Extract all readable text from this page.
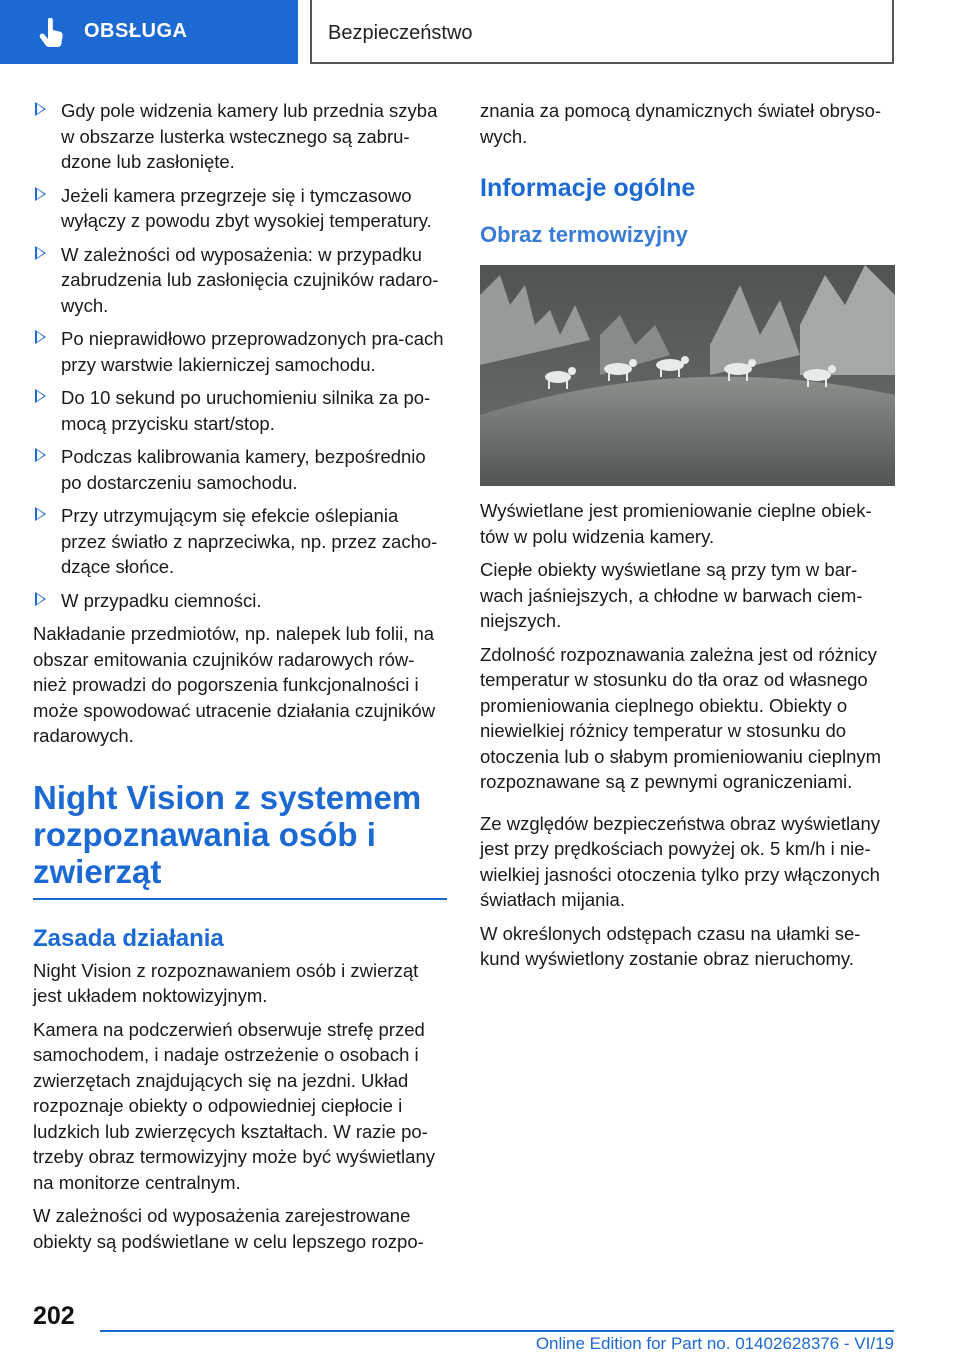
OBSŁUGA	Bezpieczeństwo
Gdy pole widzenia kamery lub przednia szyba w obszarze lusterka wstecznego są zabru-dzone lub zasłonięte.
Jeżeli kamera przegrzeje się i tymczasowo wyłączy z powodu zbyt wysokiej temperatury.
W zależności od wyposażenia: w przypadku zabrudzenia lub zasłonięcia czujników radaro-wych.
Po nieprawidłowo przeprowadzonych pra-cach przy warstwie lakierniczej samochodu.
Do 10 sekund po uruchomieniu silnika za po-mocą przycisku start/stop.
Podczas kalibrowania kamery, bezpośrednio po dostarczeniu samochodu.
Przy utrzymującym się efekcie oślepiania przez światło z naprzeciwka, np. przez zacho-dzące słońce.
W przypadku ciemności.

Nakładanie przedmiotów, np. nalepek lub folii, na obszar emitowania czujników radarowych rów-nież prowadzi do pogorszenia funkcjonalności i może spowodować utracenie działania czujników radarowych.

Night Vision z systemem rozpoznawania osób i zwierząt
Zasada działania

Night Vision z rozpoznawaniem osób i zwierząt jest układem noktowizyjnym.

Kamera na podczerwień obserwuje strefę przed samochodem, i nadaje ostrzeżenie o osobach i zwierzętach znajdujących się na jezdni. Układ rozpoznaje obiekty o odpowiedniej ciepłocie i ludzkich lub zwierzęcych kształtach. W razie po-trzeby obraz termowizyjny może być wyświetlany na monitorze centralnym.

W zależności od wyposażenia zarejestrowane obiekty są podświetlane w celu lepszego rozpo-

znania za pomocą dynamicznych świateł obryso-wych.

Informacje ogólne
Obraz termowizyjny

Wyświetlane jest promieniowanie cieplne obiek-tów w polu widzenia kamery.

Ciepłe obiekty wyświetlane są przy tym w bar-wach jaśniejszych, a chłodne w barwach ciem-niejszych.

Zdolność rozpoznawania zależna jest od różnicy temperatur w stosunku do tła oraz od własnego promieniowania cieplnego obiektu. Obiekty o niewielkiej różnicy temperatur w stosunku do otoczenia lub o słabym promieniowaniu cieplnym rozpoznawane są z pewnymi ograniczeniami.

Ze względów bezpieczeństwa obraz wyświetlany jest przy prędkościach powyżej ok. 5 km/h i nie-wielkiej jasności otoczenia tylko przy włączonych światłach mijania.

W określonych odstępach czasu na ułamki se-kund wyświetlony zostanie obraz nieruchomy.

202
Online Edition for Part no. 01402628376 - VI/19
